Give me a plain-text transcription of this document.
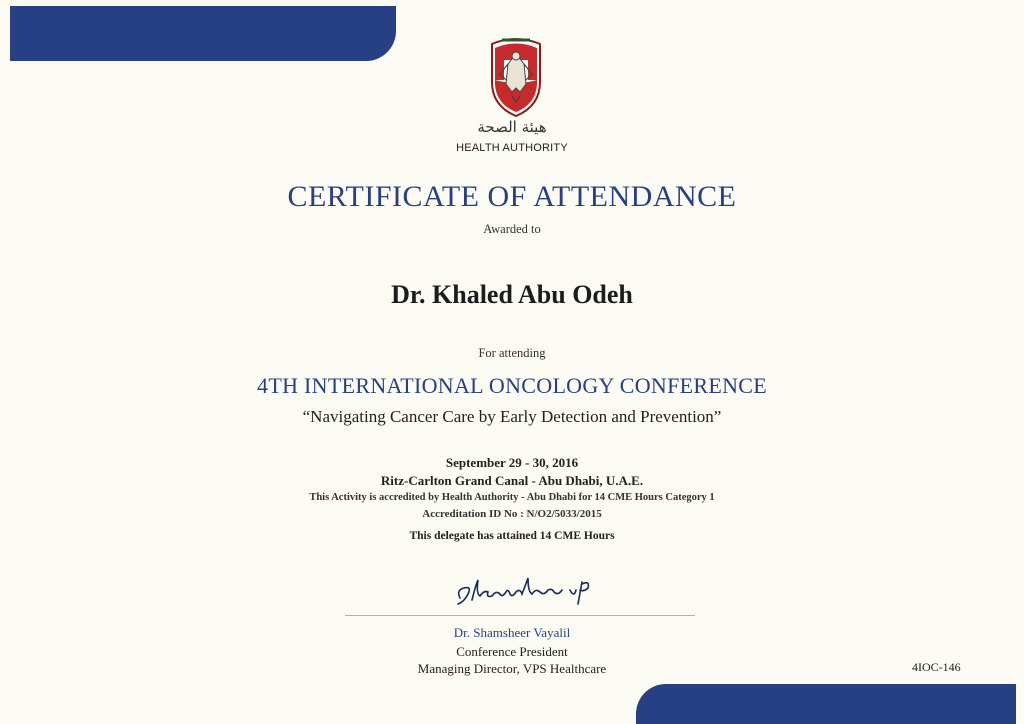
هيئة الصحة
HEALTH AUTHORITY
CERTIFICATE OF ATTENDANCE
Awarded to
Dr. Khaled Abu Odeh
For attending
4TH INTERNATIONAL ONCOLOGY CONFERENCE
“Navigating Cancer Care by Early Detection and Prevention”
September 29 - 30, 2016
Ritz-Carlton Grand Canal - Abu Dhabi, U.A.E.
This Activity is accredited by Health Authority - Abu Dhabi for 14 CME Hours Category 1
Accreditation ID No : N/O2/5033/2015
This delegate has attained 14 CME Hours
Dr. Shamsheer Vayalil
Conference President
Managing Director, VPS Healthcare	4IOC-146
